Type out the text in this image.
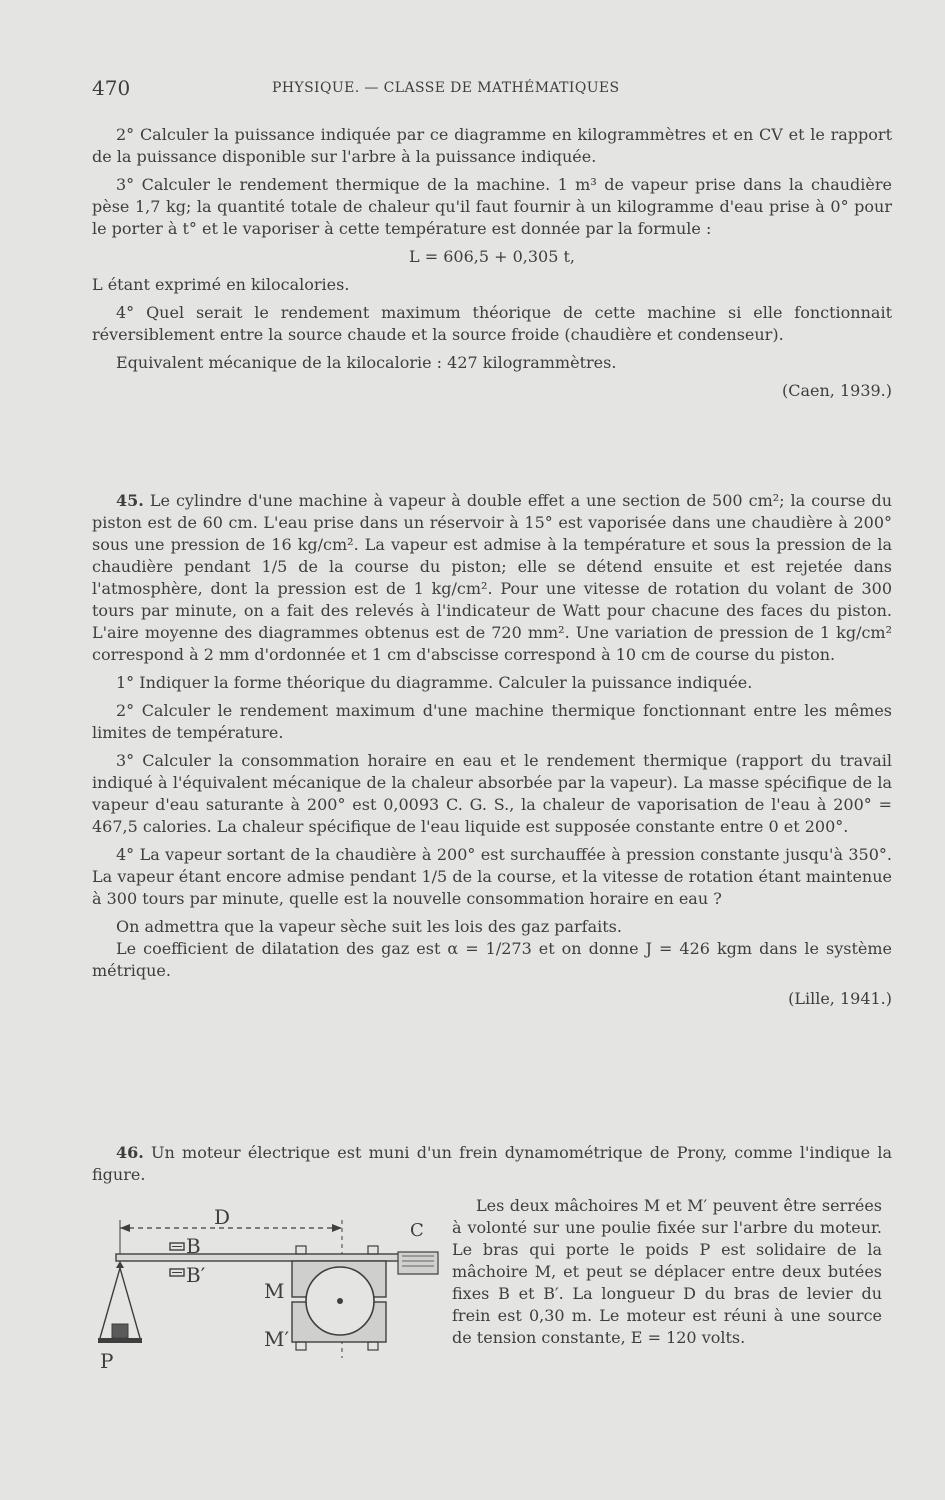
470	PHYSIQUE. — CLASSE DE MATHÉMATIQUES

2° Calculer la puissance indiquée par ce diagramme en kilogrammètres et en CV et le rapport de la puissance disponible sur l'arbre à la puissance indiquée.

3° Calculer le rendement thermique de la machine. 1 m³ de vapeur prise dans la chaudière pèse 1,7 kg; la quantité totale de chaleur qu'il faut fournir à un kilogramme d'eau prise à 0° pour le porter à t° et le vaporiser à cette température est donnée par la formule :

L = 606,5 + 0,305 t,

L étant exprimé en kilocalories.

4° Quel serait le rendement maximum théorique de cette machine si elle fonctionnait réversiblement entre la source chaude et la source froide (chaudière et condenseur).

Equivalent mécanique de la kilocalorie : 427 kilogrammètres.

(Caen, 1939.)

45. Le cylindre d'une machine à vapeur à double effet a une section de 500 cm²; la course du piston est de 60 cm. L'eau prise dans un réservoir à 15° est vaporisée dans une chaudière à 200° sous une pression de 16 kg/cm². La vapeur est admise à la température et sous la pression de la chaudière pendant 1/5 de la course du piston; elle se détend ensuite et est rejetée dans l'atmosphère, dont la pression est de 1 kg/cm². Pour une vitesse de rotation du volant de 300 tours par minute, on a fait des relevés à l'indicateur de Watt pour chacune des faces du piston. L'aire moyenne des diagrammes obtenus est de 720 mm². Une variation de pression de 1 kg/cm² correspond à 2 mm d'ordonnée et 1 cm d'abscisse correspond à 10 cm de course du piston.

1° Indiquer la forme théorique du diagramme. Calculer la puissance indiquée.

2° Calculer le rendement maximum d'une machine thermique fonctionnant entre les mêmes limites de température.

3° Calculer la consommation horaire en eau et le rendement thermique (rapport du travail indiqué à l'équivalent mécanique de la chaleur absorbée par la vapeur). La masse spécifique de la vapeur d'eau saturante à 200° est 0,0093 C. G. S., la chaleur de vaporisation de l'eau à 200° = 467,5 calories. La chaleur spécifique de l'eau liquide est supposée constante entre 0 et 200°.

4° La vapeur sortant de la chaudière à 200° est surchauffée à pression constante jusqu'à 350°. La vapeur étant encore admise pendant 1/5 de la course, et la vitesse de rotation étant maintenue à 300 tours par minute, quelle est la nouvelle consommation horaire en eau ?

On admettra que la vapeur sèche suit les lois des gaz parfaits.

Le coefficient de dilatation des gaz est α = 1/273 et on donne J = 426 kgm dans le système métrique.

(Lille, 1941.)

46. Un moteur électrique est muni d'un frein dynamométrique de Prony, comme l'indique la figure.

D
B
B′
P
M
M′
C

Les deux mâchoires M et M′ peuvent être serrées à volonté sur une poulie fixée sur l'arbre du moteur. Le bras qui porte le poids P est solidaire de la mâchoire M, et peut se déplacer entre deux butées fixes B et B′. La longueur D du bras de levier du frein est 0,30 m. Le moteur est réuni à une source de tension constante, E = 120 volts.
